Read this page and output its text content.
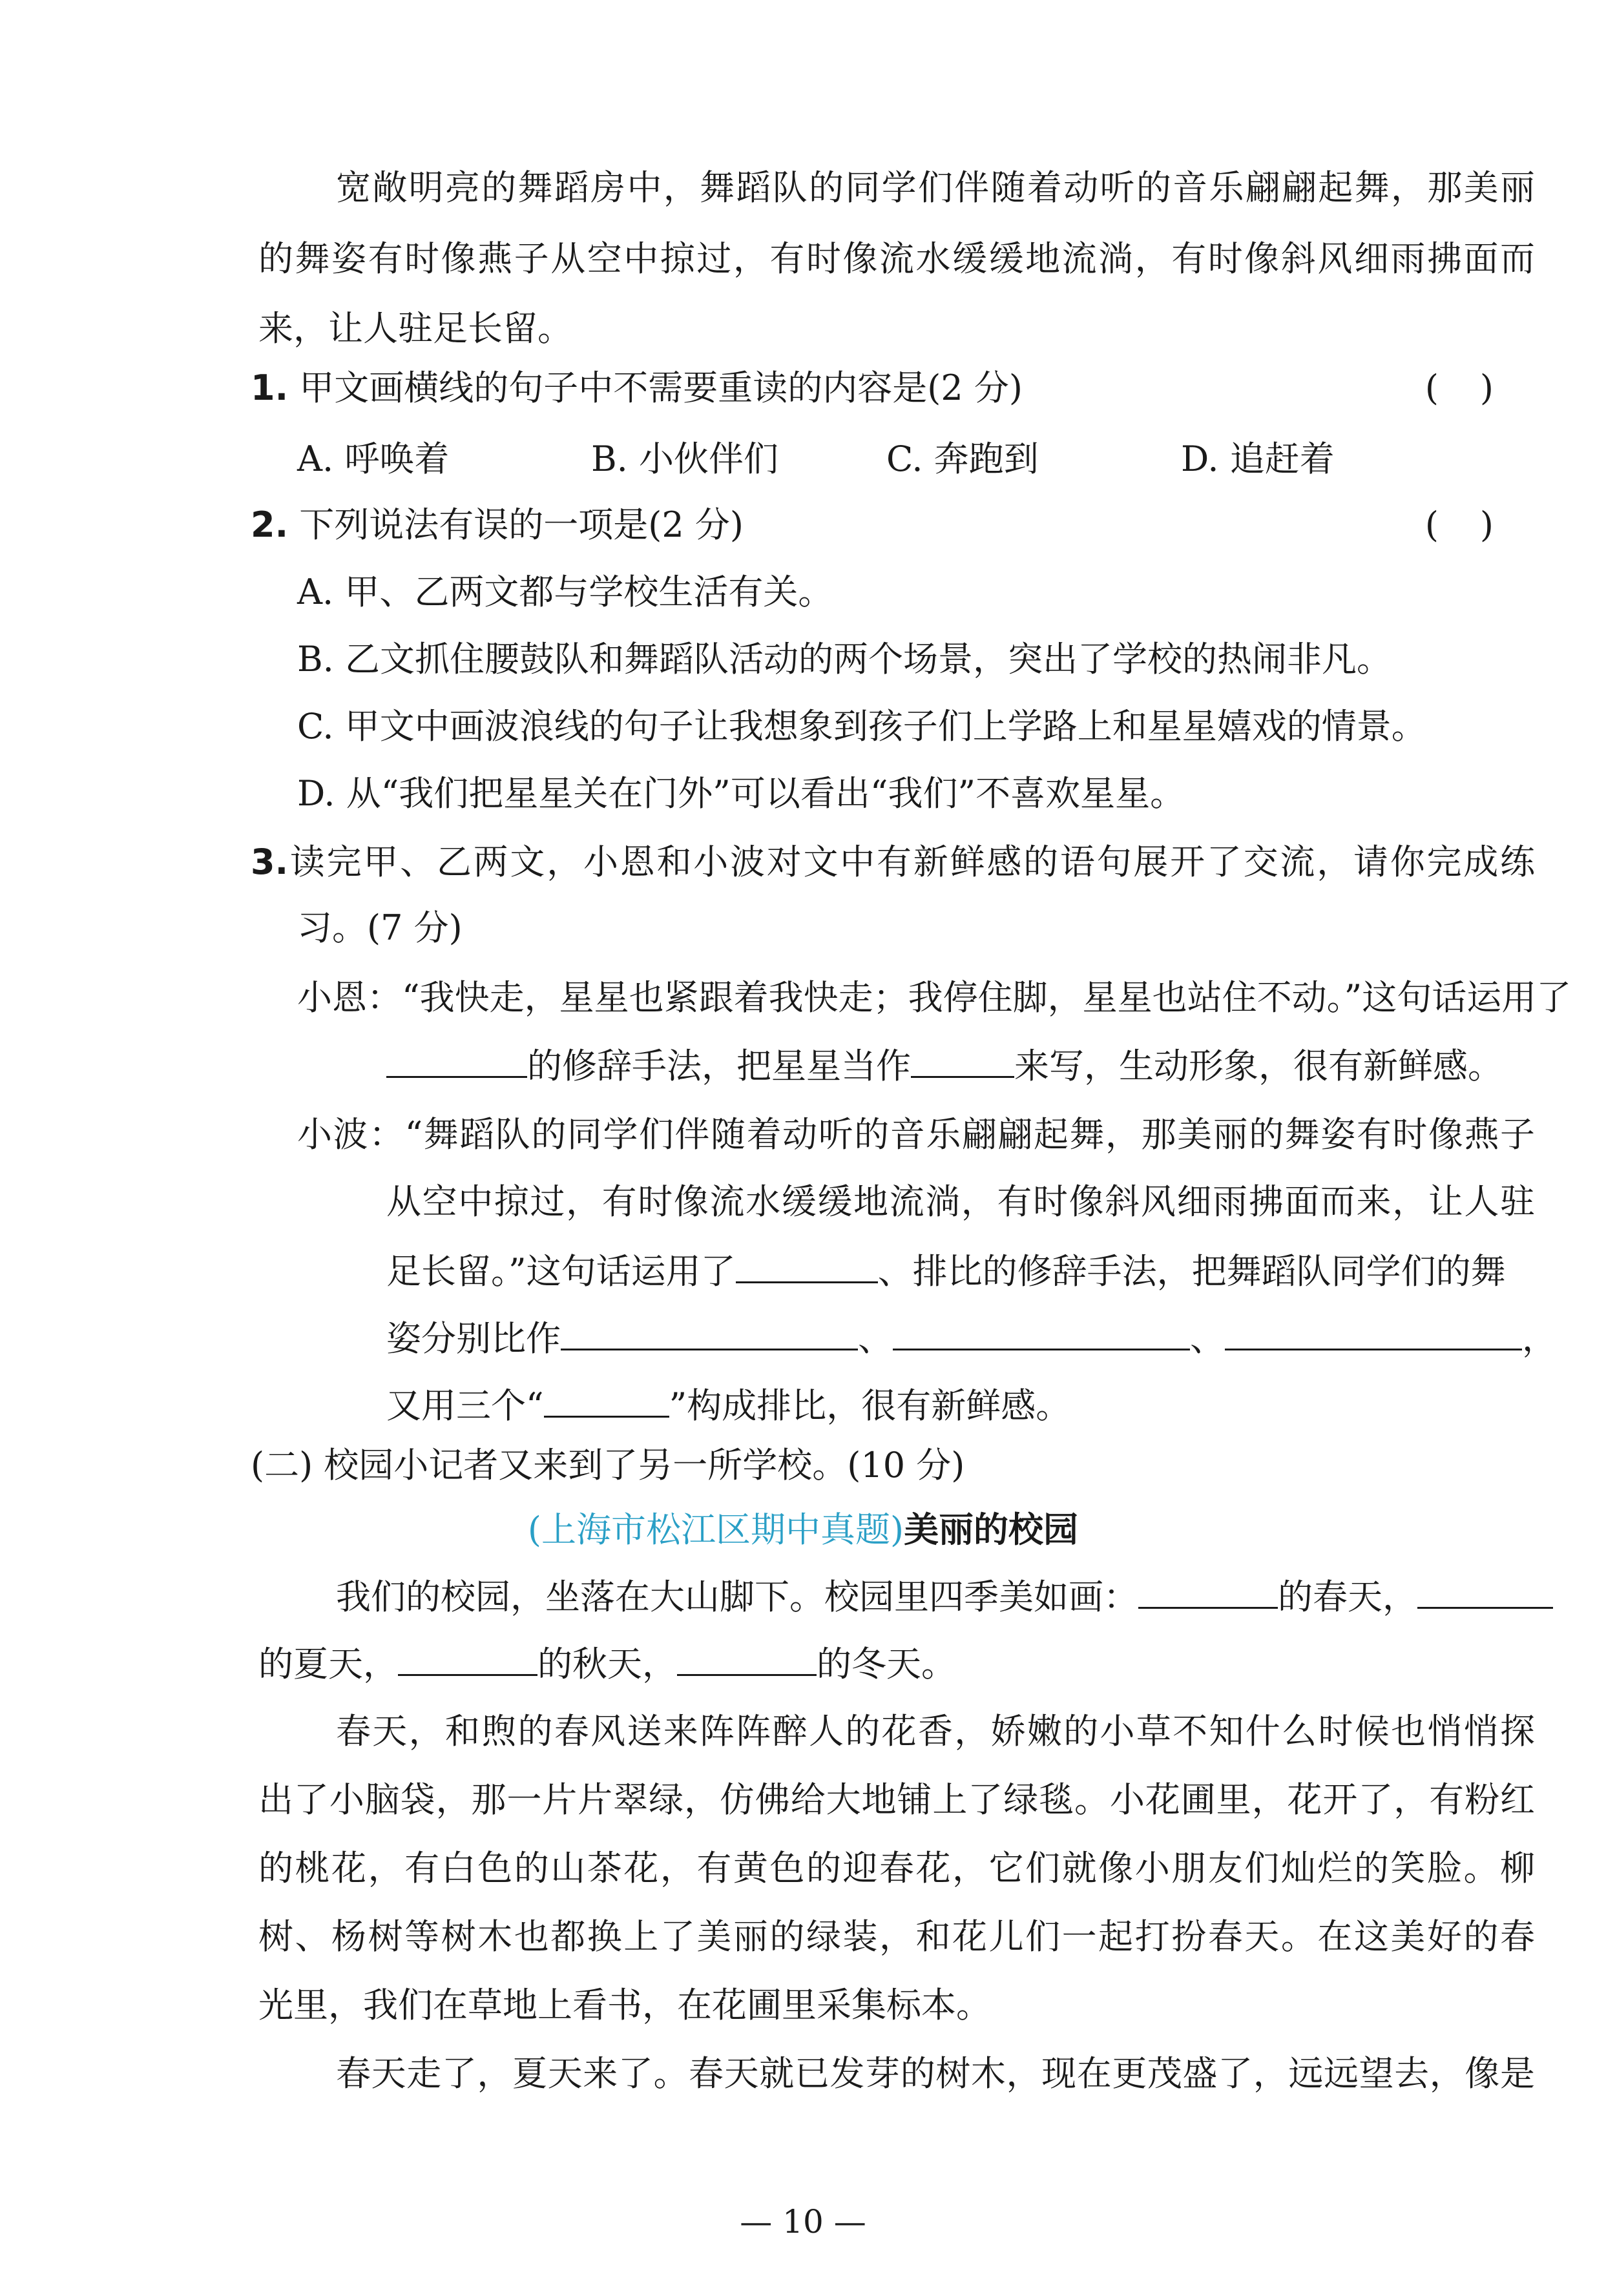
宽敞明亮的舞蹈房中，舞蹈队的同学们伴随着动听的音乐翩翩起舞，那美丽
的舞姿有时像燕子从空中掠过，有时像流水缓缓地流淌，有时像斜风细雨拂面而
来，让人驻足长留。
1. 甲文画横线的句子中不需要重读的内容是(2 分)	()
A. 呼唤着	B. 小伙伴们	C. 奔跑到	D. 追赶着
2. 下列说法有误的一项是(2 分)	()
A. 甲、乙两文都与学校生活有关。
B. 乙文抓住腰鼓队和舞蹈队活动的两个场景，突出了学校的热闹非凡。
C. 甲文中画波浪线的句子让我想象到孩子们上学路上和星星嬉戏的情景。
D. 从“我们把星星关在门外”可以看出“我们”不喜欢星星。
3.读完甲、乙两文，小恩和小波对文中有新鲜感的语句展开了交流，请你完成练
习。(7 分)
小恩：“我快走，星星也紧跟着我快走；我停住脚，星星也站住不动。”这句话运用了
的修辞手法，把星星当作	来写，生动形象，很有新鲜感。
小波：“舞蹈队的同学们伴随着动听的音乐翩翩起舞，那美丽的舞姿有时像燕子
从空中掠过，有时像流水缓缓地流淌，有时像斜风细雨拂面而来，让人驻
足长留。”这句话运用了	、排比的修辞手法，把舞蹈队同学们的舞
姿分别比作	、	、	，
又用三个“	”构成排比，很有新鲜感。
(二) 校园小记者又来到了另一所学校。(10 分)
(上海市松江区期中真题)美丽的校园
我们的校园，坐落在大山脚下。校园里四季美如画：	的春天，
的夏天，	的秋天，	的冬天。
春天，和煦的春风送来阵阵醉人的花香，娇嫩的小草不知什么时候也悄悄探
出了小脑袋，那一片片翠绿，仿佛给大地铺上了绿毯。小花圃里，花开了，有粉红
的桃花，有白色的山茶花，有黄色的迎春花，它们就像小朋友们灿烂的笑脸。柳
树、杨树等树木也都换上了美丽的绿装，和花儿们一起打扮春天。在这美好的春
光里，我们在草地上看书，在花圃里采集标本。
春天走了，夏天来了。春天就已发芽的树木，现在更茂盛了，远远望去，像是
— 10 —
